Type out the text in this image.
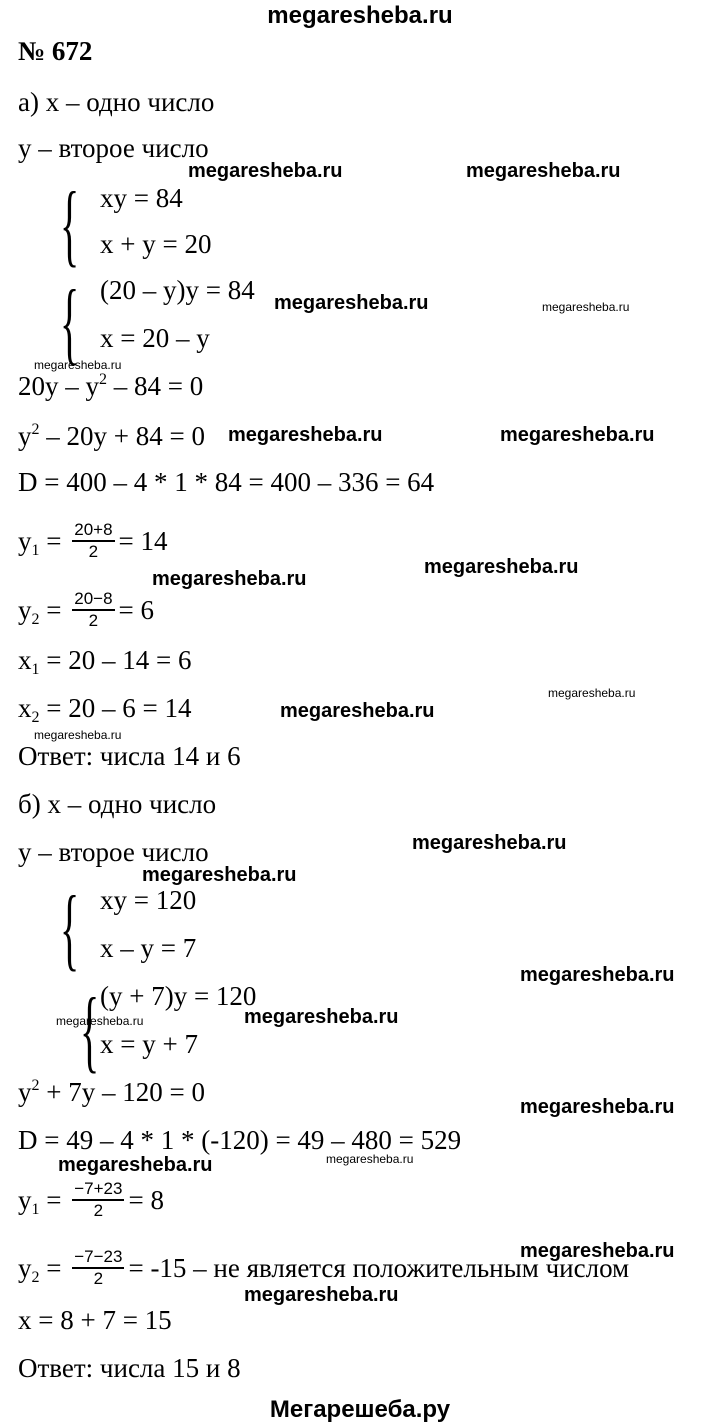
megaresheba.ru
№ 672
а) x – одно число
y – второе число
{ xy = 84
x + y = 20
{ (20 – y)y = 84
x = 20 – y
$20y - y^2 - 84 = 0$
$y^2 - 20y + 84 = 0$
D = 400 – 4 * 1 * 84 = 400 – 336 = 64
$y_1 = \frac{20+8}{2} = 14$
$y_2 = \frac{20-8}{2} = 6$
$x_1 = 20 - 14 = 6$
$x_2 = 20 - 6 = 14$
Ответ: числа 14 и 6
б) x – одно число
y – второе число
{ xy = 120
x – y = 7
{ (y + 7)y = 120
x = y + 7
$y^2 + 7y - 120 = 0$
D = 49 – 4 * 1 * (-120) = 49 – 480 = 529
$y_1 = \frac{-7+23}{2} = 8$
$y_2 = \frac{-7-23}{2} = -15$ – не является положительным числом
x = 8 + 7 = 15
Ответ: числа 15 и 8
Мегарешеба.ру
megaresheba.ru	megaresheba.ru
megaresheba.ru	megaresheba.ru
megaresheba.ru
megaresheba.ru	megaresheba.ru
megaresheba.ru
megaresheba.ru
megaresheba.ru
megaresheba.ru
megaresheba.ru
megaresheba.ru
megaresheba.ru
megaresheba.ru
megaresheba.ru
megaresheba.ru
megaresheba.ru
megaresheba.ru	megaresheba.ru
megaresheba.ru
megaresheba.ru
